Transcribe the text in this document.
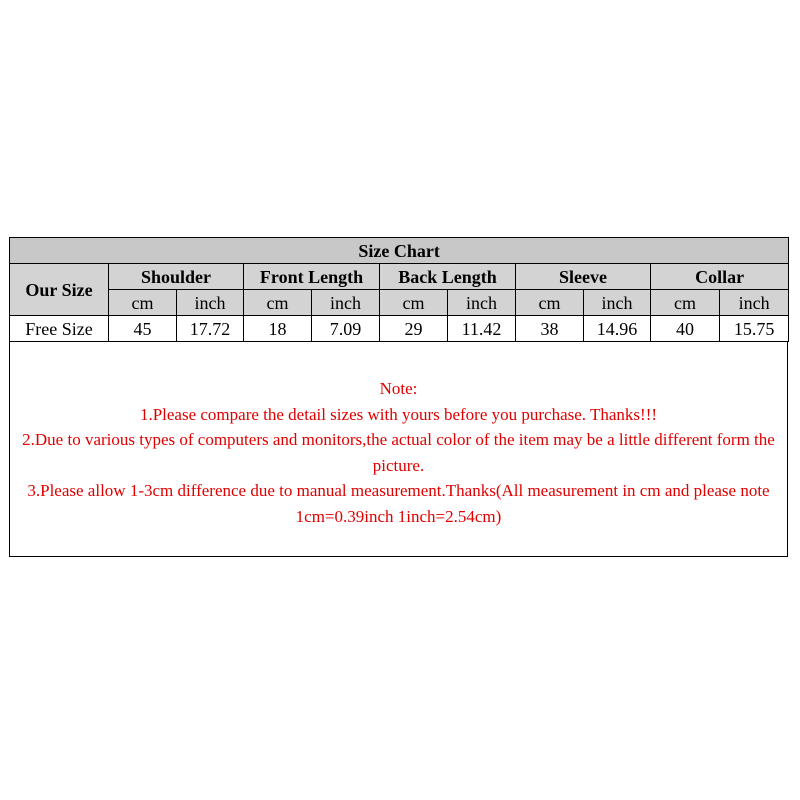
Size Chart										
Our Size	Shoulder		Front Length		Back Length		Sleeve		Collar	
	cm	inch	cm	inch	cm	inch	cm	inch	cm	inch
Free Size	45	17.72	18	7.09	29	11.42	38	14.96	40	15.75

Note:

1.Please compare the detail sizes with yours before you purchase. Thanks!!!

2.Due to various types of computers and monitors,the actual color of the item may be a little different form the picture.

3.Please allow 1-3cm difference due to manual measurement.Thanks(All measurement in cm and please note 1cm=0.39inch 1inch=2.54cm)
